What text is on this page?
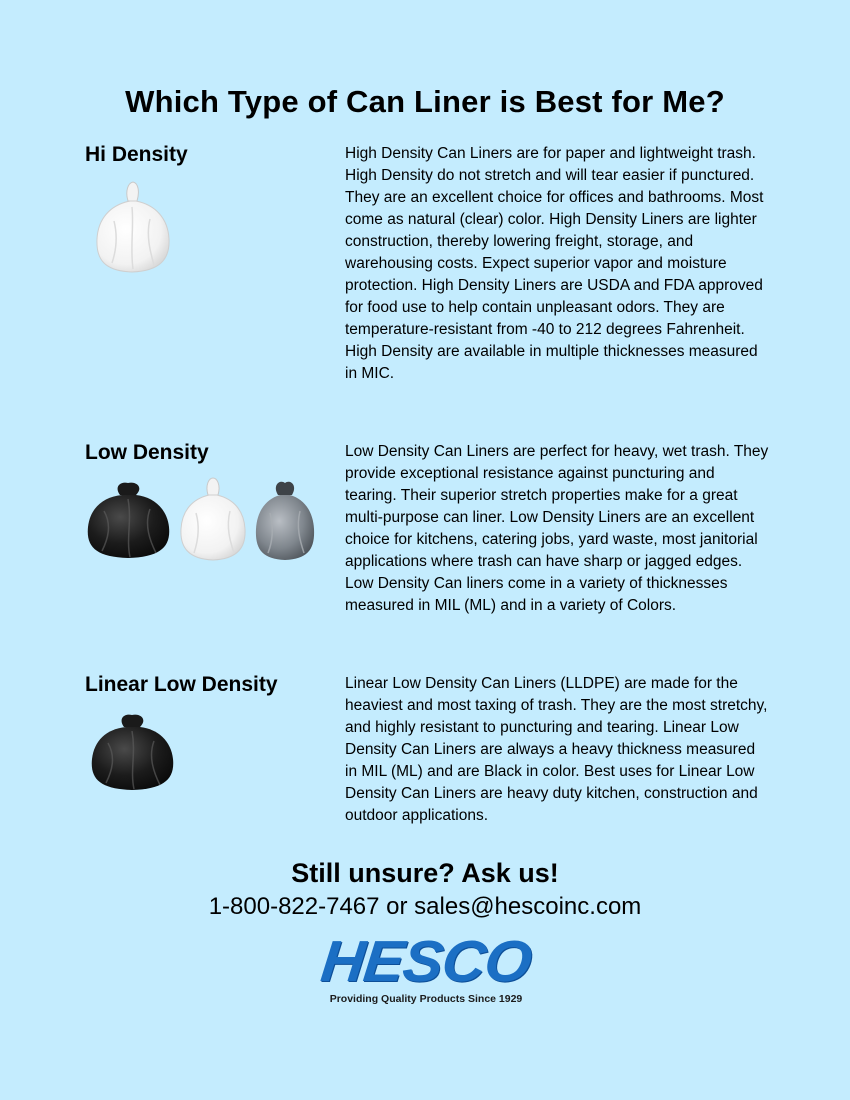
Which Type of Can Liner is Best for Me?
Hi Density	High Density Can Liners are for paper and lightweight trash. High Density do not stretch and will tear easier if punctured. They are an excellent choice for offices and bathrooms. Most come as natural (clear) color. High Density Liners are lighter construction, thereby lowering freight, storage, and warehousing costs. Expect superior vapor and moisture protection. High Density Liners are USDA and FDA approved for food use to help contain unpleasant odors. They are temperature-resistant from -40 to 212 degrees Fahrenheit. High Density are available in multiple thicknesses measured in MIC.

Low Density	Low Density Can Liners are perfect for heavy, wet trash. They provide exceptional resistance against puncturing and tearing. Their superior stretch properties make for a great multi-purpose can liner. Low Density Liners are an excellent choice for kitchens, catering jobs, yard waste, most janitorial applications where trash can have sharp or jagged edges. Low Density Can liners come in a variety of thicknesses measured in MIL (ML) and in a variety of Colors.

Linear Low Density	Linear Low Density Can Liners (LLDPE) are made for the heaviest and most taxing of trash. They are the most stretchy, and highly resistant to puncturing and tearing. Linear Low Density Can Liners are always a heavy thickness measured in MIL (ML) and are Black in color. Best uses for Linear Low Density Can Liners are heavy duty kitchen, construction and outdoor applications.

Still unsure? Ask us!

1-800-822-7467 or sales@hescoinc.com

HESCO
Providing Quality Products Since 1929
